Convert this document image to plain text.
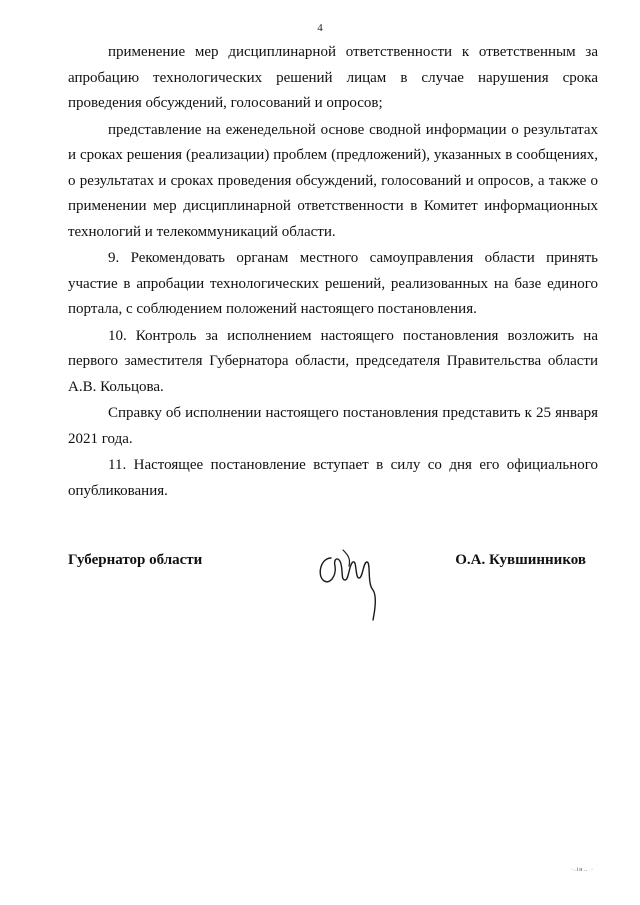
4

применение мер дисциплинарной ответственности к ответственным за апробацию технологических решений лицам в случае нарушения срока проведения обсуждений, голосований и опросов;

представление на еженедельной основе сводной информации о результатах и сроках решения (реализации) проблем (предложений), указанных в сообщениях, о результатах и сроках проведения обсуждений, голосований и опросов, а также о применении мер дисциплинарной ответственности в Комитет информационных технологий и телекоммуникаций области.

9. Рекомендовать органам местного самоуправления области принять участие в апробации технологических решений, реализованных на базе единого портала, с соблюдением положений настоящего постановления.

10. Контроль за исполнением настоящего постановления возложить на первого заместителя Губернатора области, председателя Правительства области А.В. Кольцова.

Справку об исполнении настоящего постановления представить к 25 января 2021 года.

11. Настоящее постановление вступает в силу со дня его официального опубликования.

Губернатор области	О.А. Кувшинников
·.ін.. ·
